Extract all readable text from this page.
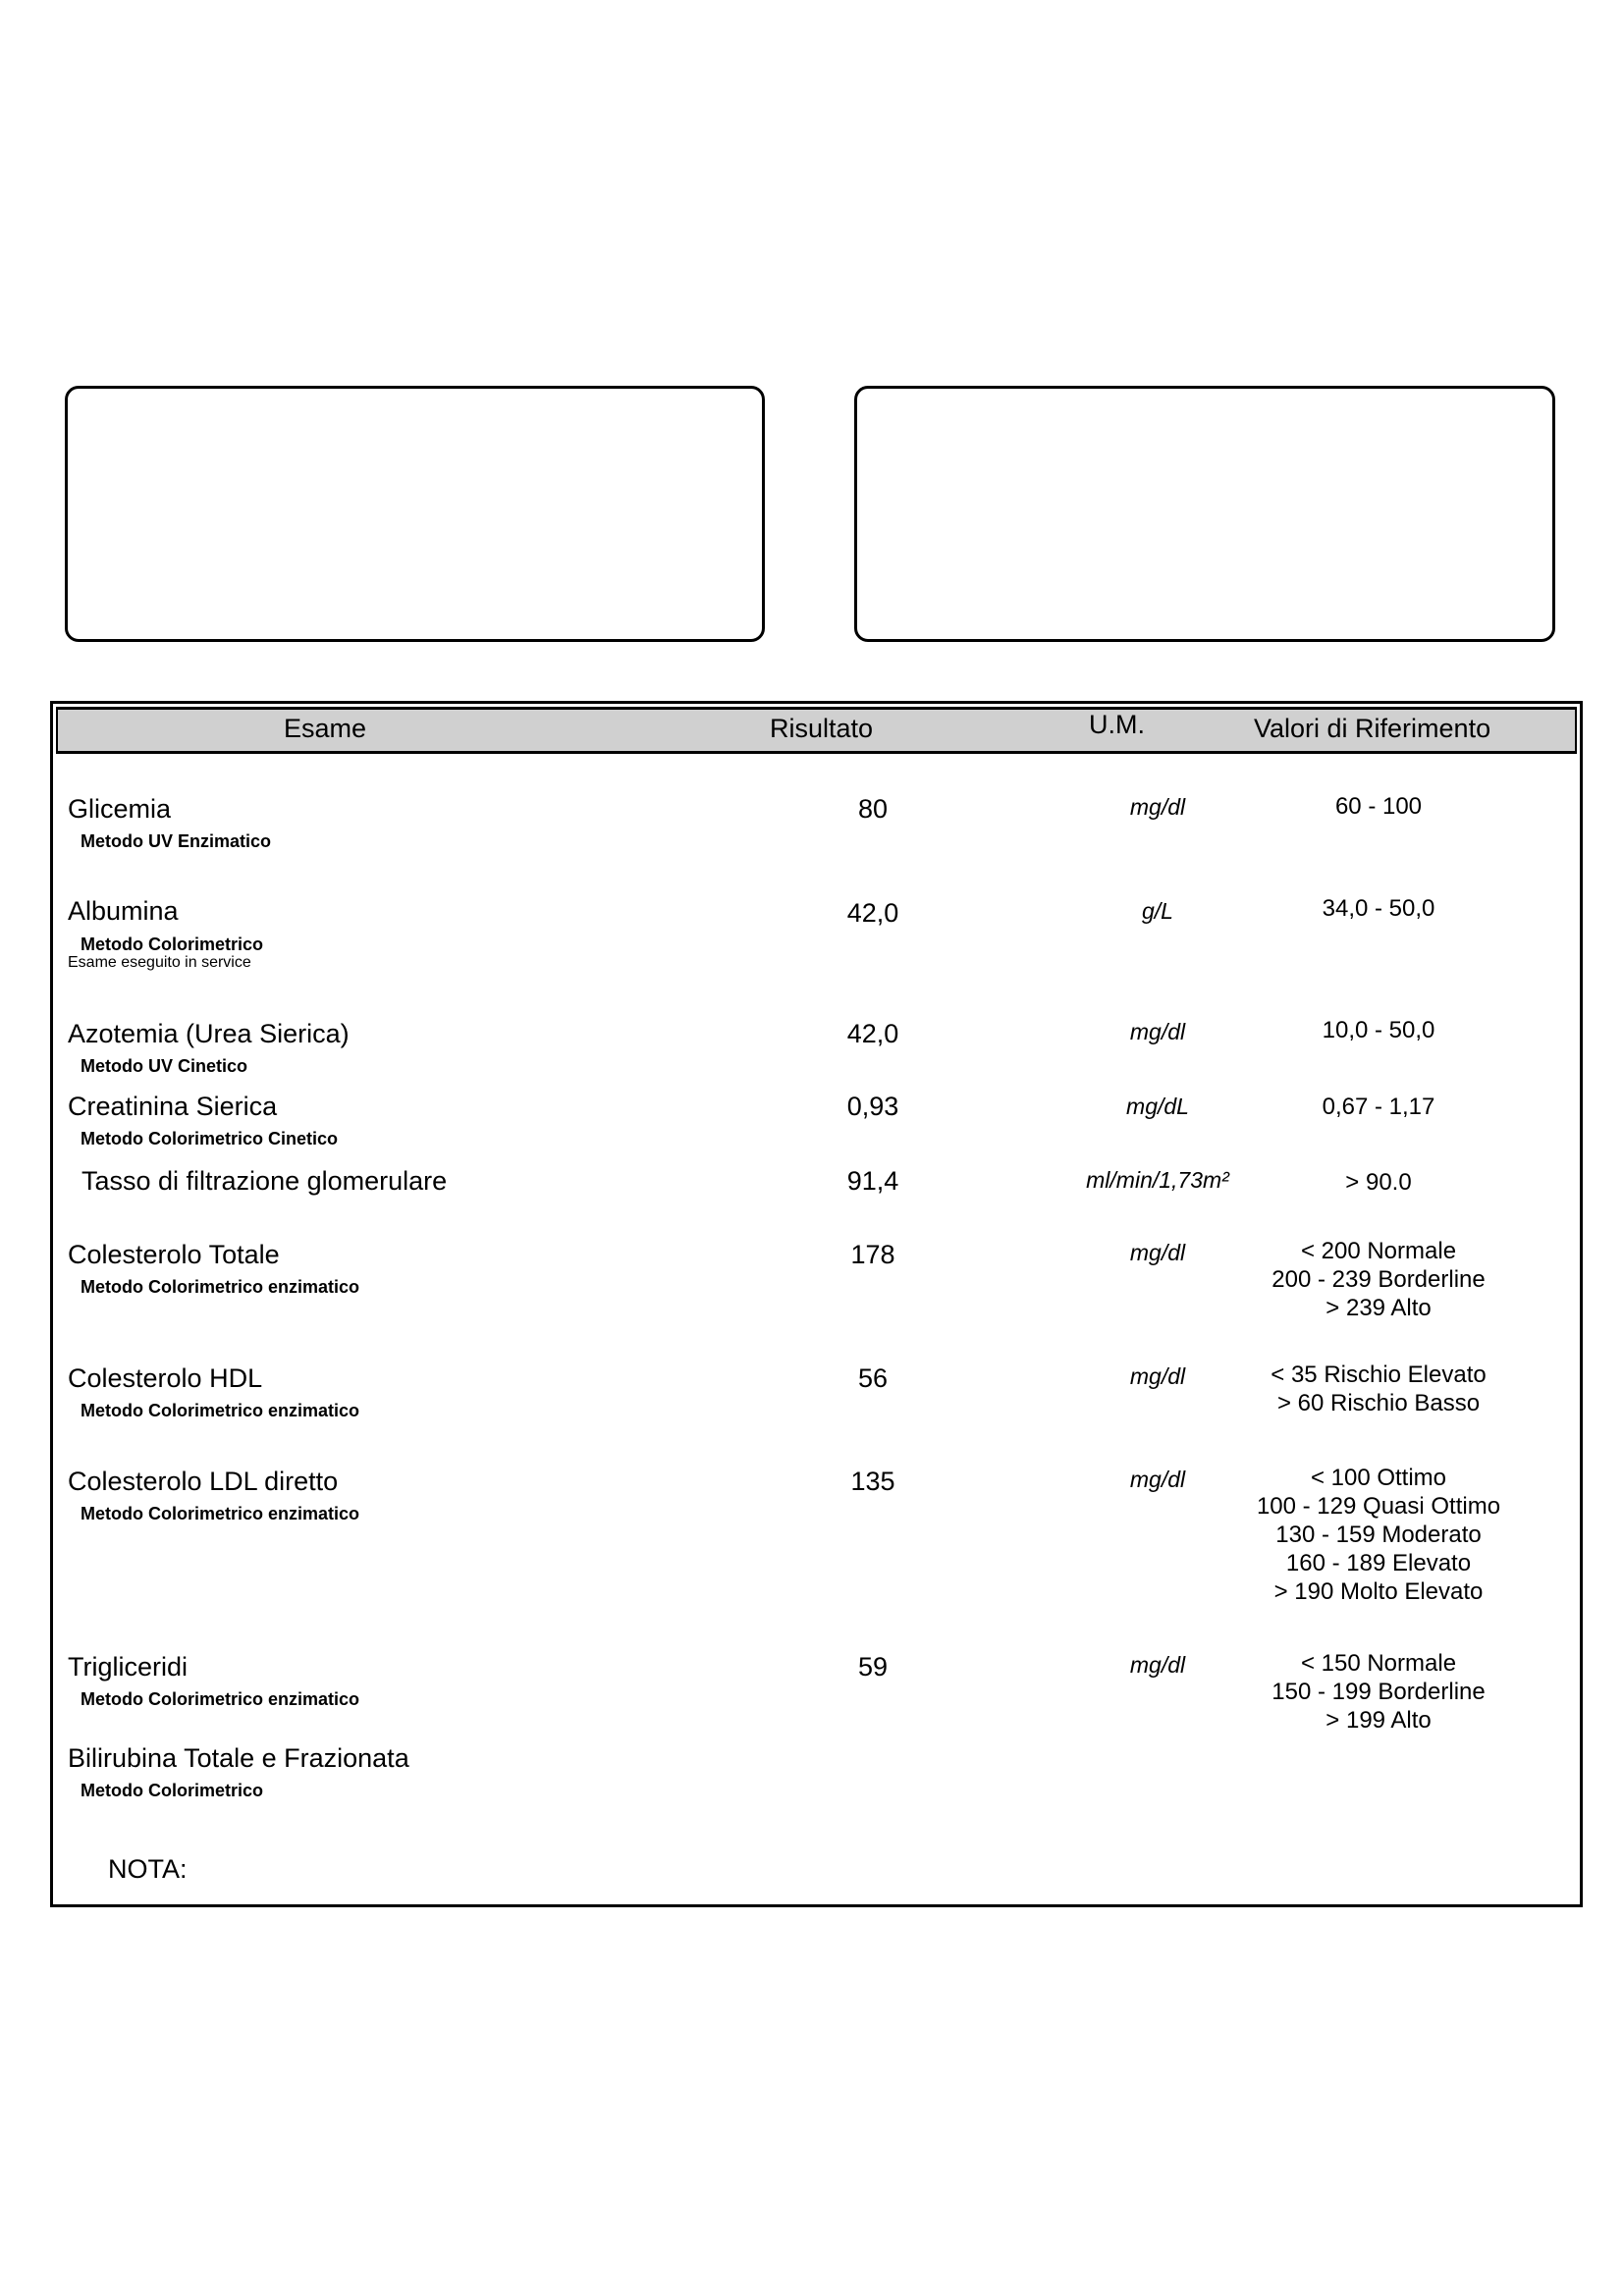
Esame	Risultato	U.M.	Valori di Riferimento
Glicemia
Metodo UV Enzimatico
80	mg/dl	60 - 100
Albumina
Metodo Colorimetrico
Esame eseguito in service
42,0	g/L	34,0 - 50,0
Azotemia (Urea Sierica)
Metodo UV Cinetico
42,0	mg/dl	10,0 - 50,0
Creatinina Sierica
Metodo Colorimetrico Cinetico
0,93	mg/dL	0,67 - 1,17
Tasso di filtrazione glomerulare	91,4	ml/min/1,73m²	> 90.0
Colesterolo Totale
Metodo Colorimetrico enzimatico
178	mg/dl	< 200 Normale
200 - 239 Borderline
> 239 Alto
Colesterolo HDL
Metodo Colorimetrico enzimatico
56	mg/dl	< 35 Rischio Elevato
> 60 Rischio Basso
Colesterolo LDL diretto
Metodo Colorimetrico enzimatico
135	mg/dl	< 100 Ottimo
100 - 129 Quasi Ottimo
130 - 159 Moderato
160 - 189 Elevato
> 190 Molto Elevato
Trigliceridi
Metodo Colorimetrico enzimatico
59	mg/dl	< 150 Normale
150 - 199 Borderline
> 199 Alto
Bilirubina Totale e Frazionata
Metodo Colorimetrico
NOTA:
